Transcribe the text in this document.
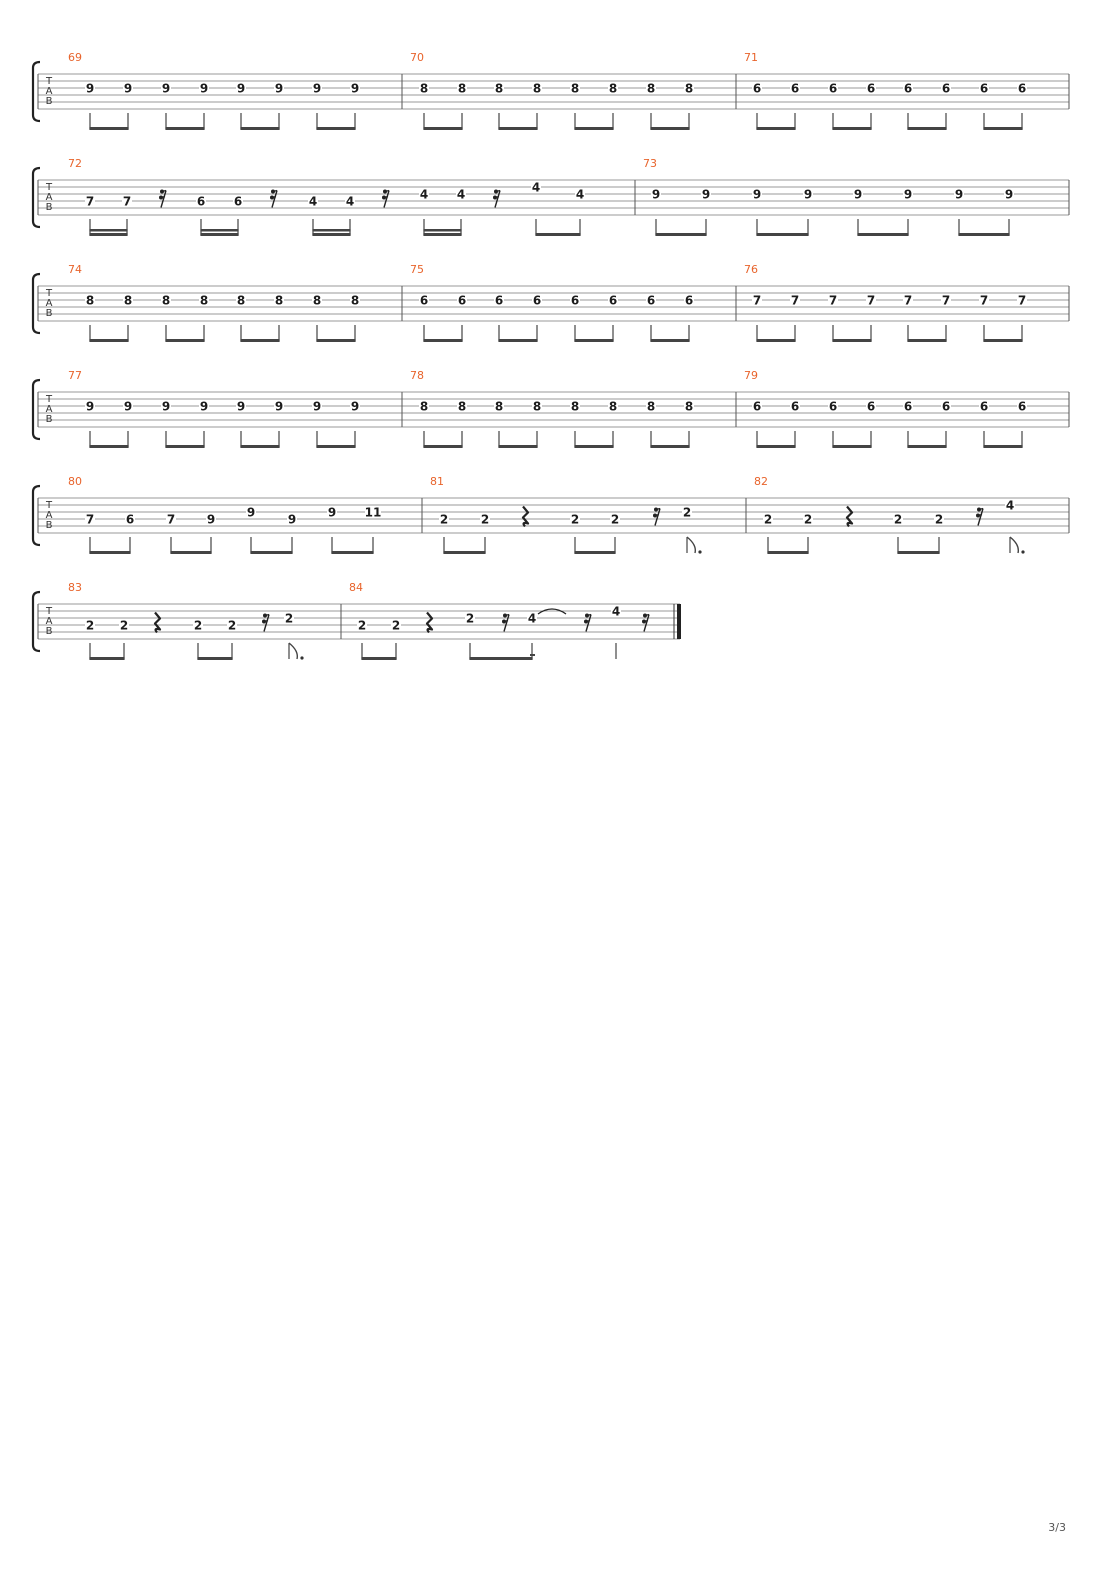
T
A
B
69
9 9 9 9 9 9 9 9
70
8 8 8 8 8 8 8 8
71
6 6 6 6 6 6 6 6
T
A
B
72
7 7	6 6	4 4	4 4	4	4
73
9	9	9	9	9	9	9	9
T
A
B
74
8 8 8 8 8 8 8 8
75
6 6 6 6 6 6 6 6
76
7 7 7 7 7 7 7 7
T
A
B
77
9 9 9 9 9 9 9 9
78
8 8 8 8 8 8 8 8
79
6 6 6 6 6 6 6 6
T
A
B
80
7	6	7	9	9	9	9 11
81
2	2	2	2	2
82
2	2	2	2
4
T
A
B
83
2 2	2 2	2
84
2 2	2	4	4
3/3
